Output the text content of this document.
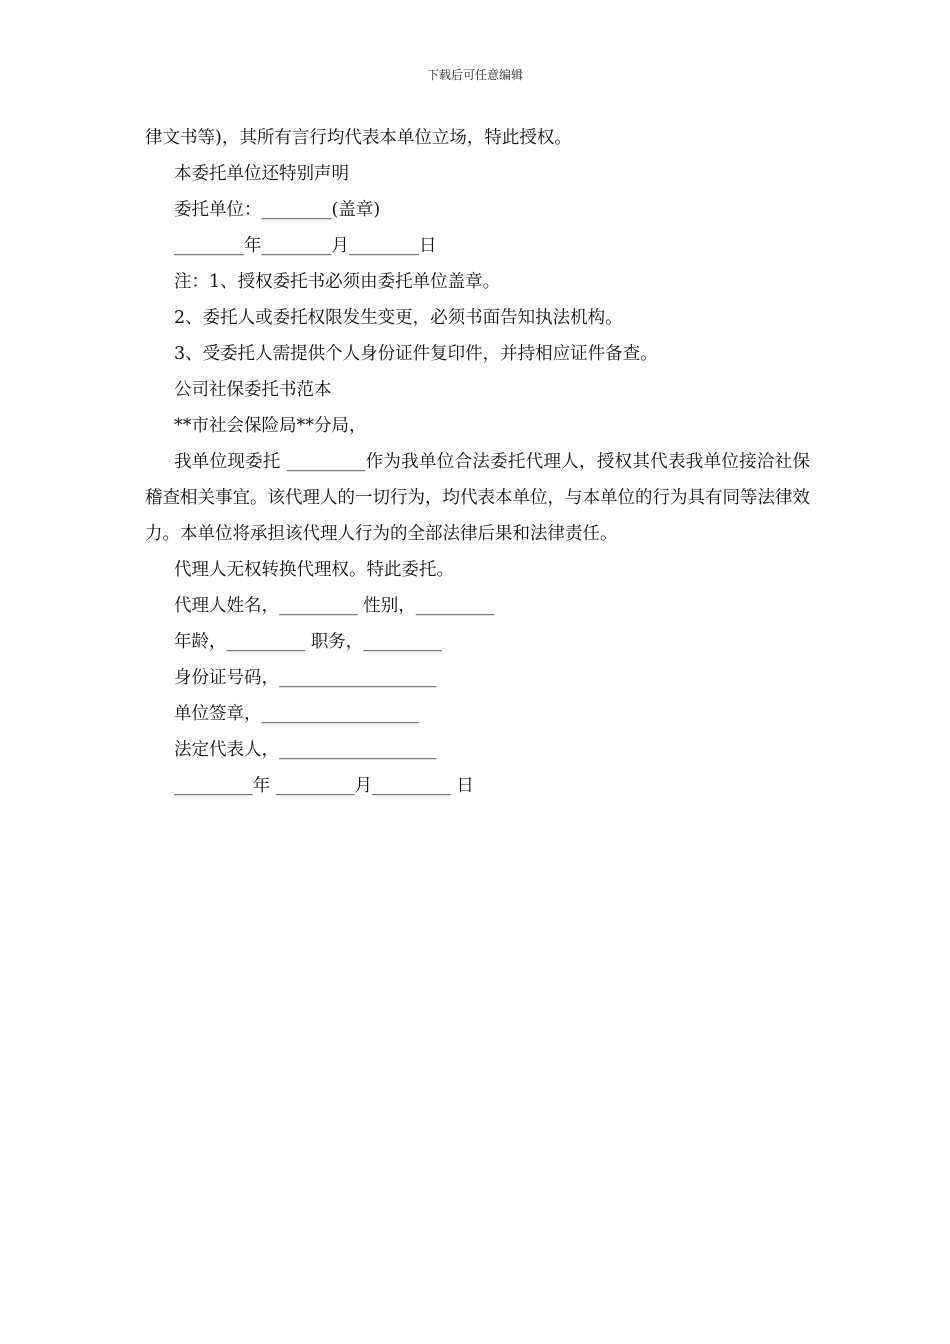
下载后可任意编辑
律文书等)，其所有言行均代表本单位立场，特此授权。
本委托单位还特别声明
委托单位：________(盖章)
________年________月________日
注：1、授权委托书必须由委托单位盖章。
2、委托人或委托权限发生变更，必须书面告知执法机构。
3、受委托人需提供个人身份证件复印件，并持相应证件备查。
公司社保委托书范本
**市社会保险局**分局，

我单位现委托 _________作为我单位合法委托代理人，授权其代表我单位接洽社保稽查相关事宜。该代理人的一切行为，均代表本单位，与本单位的行为具有同等法律效力。本单位将承担该代理人行为的全部法律后果和法律责任。

代理人无权转换代理权。特此委托。
代理人姓名，_________ 性别，_________
年龄，_________ 职务，_________
身份证号码，__________________
单位签章，__________________
法定代表人，__________________
_________年 _________月_________ 日
